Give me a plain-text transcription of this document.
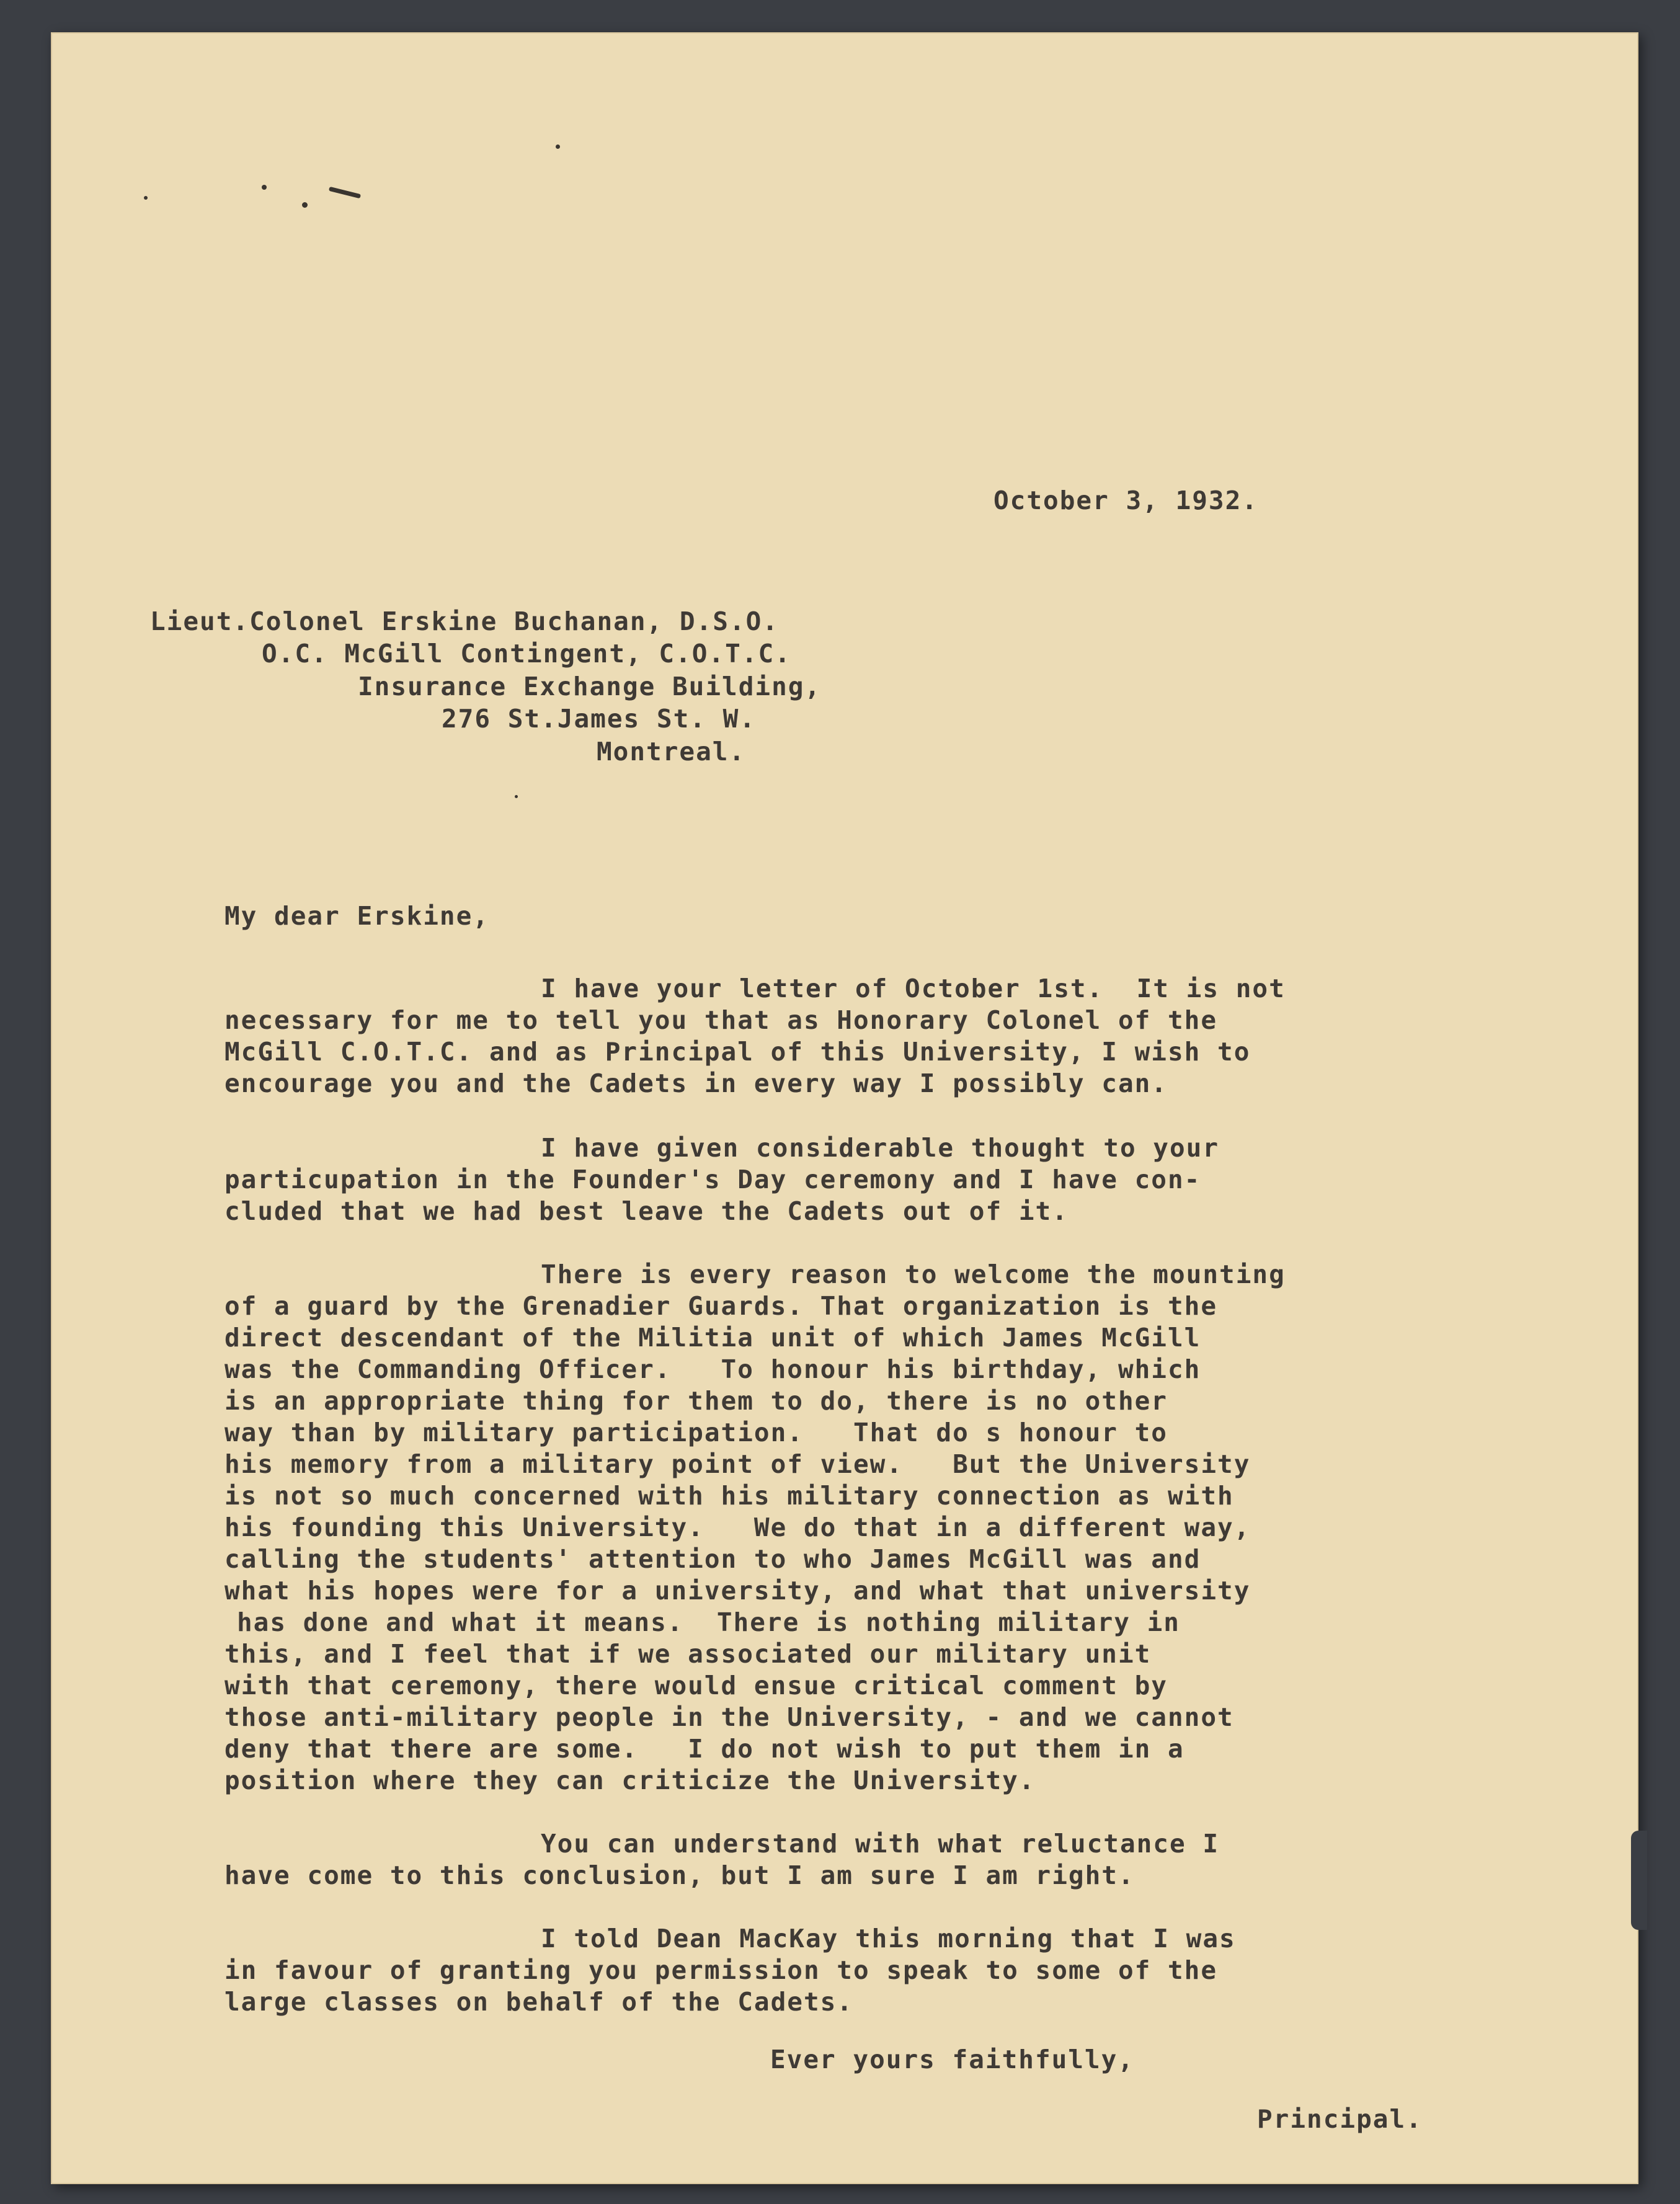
October 3, 1932.
Lieut.Colonel Erskine Buchanan, D.S.O.
O.C. McGill Contingent, C.O.T.C.
Insurance Exchange Building,
276 St.James St. W.
Montreal.
My dear Erskine,
I have your letter of October 1st.  It is not
necessary for me to tell you that as Honorary Colonel of the
McGill C.O.T.C. and as Principal of this University, I wish to
encourage you and the Cadets in every way I possibly can.
I have given considerable thought to your
particupation in the Founder's Day ceremony and I have con-
cluded that we had best leave the Cadets out of it.
There is every reason to welcome the mounting
of a guard by the Grenadier Guards. That organization is the
direct descendant of the Militia unit of which James McGill
was the Commanding Officer.   To honour his birthday, which
is an appropriate thing for them to do, there is no other
way than by military participation.   That do s honour to
his memory from a military point of view.   But the University
is not so much concerned with his military connection as with
his founding this University.   We do that in a different way,
calling the students' attention to who James McGill was and
what his hopes were for a university, and what that university
has done and what it means.  There is nothing military in
this, and I feel that if we associated our military unit
with that ceremony, there would ensue critical comment by
those anti-military people in the University, - and we cannot
deny that there are some.   I do not wish to put them in a
position where they can criticize the University.
You can understand with what reluctance I
have come to this conclusion, but I am sure I am right.
I told Dean MacKay this morning that I was
in favour of granting you permission to speak to some of the
large classes on behalf of the Cadets.
Ever yours faithfully,
Principal.
